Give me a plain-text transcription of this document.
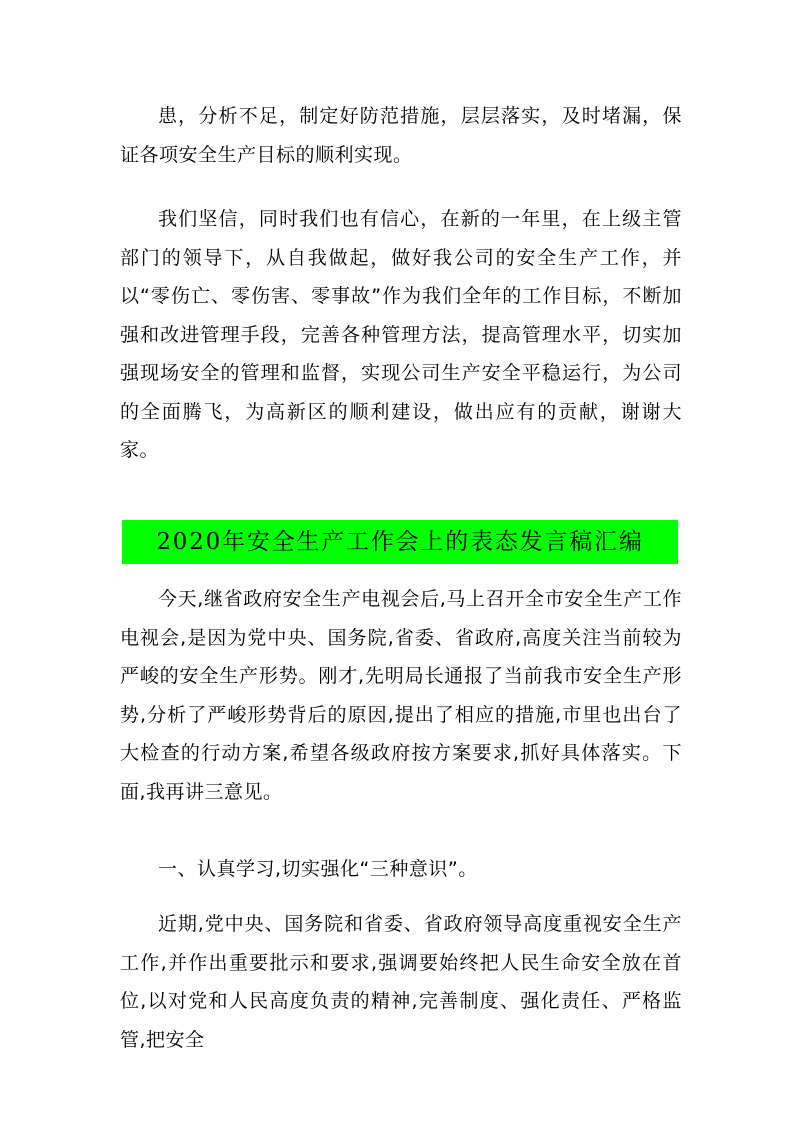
患，分析不足，制定好防范措施，层层落实，及时堵漏，保证各项安全生产目标的顺利实现。

我们坚信，同时我们也有信心，在新的一年里，在上级主管部门的领导下，从自我做起，做好我公司的安全生产工作，并以“零伤亡、零伤害、零事故”作为我们全年的工作目标，不断加强和改进管理手段，完善各种管理方法，提高管理水平，切实加强现场安全的管理和监督，实现公司生产安全平稳运行，为公司的全面腾飞，为高新区的顺利建设，做出应有的贡献，谢谢大家。

2020年安全生产工作会上的表态发言稿汇编

今天,继省政府安全生产电视会后,马上召开全市安全生产工作电视会,是因为党中央、国务院,省委、省政府,高度关注当前较为严峻的安全生产形势。刚才,先明局长通报了当前我市安全生产形势,分析了严峻形势背后的原因,提出了相应的措施,市里也出台了大检查的行动方案,希望各级政府按方案要求,抓好具体落实。下面,我再讲三意见。

一、认真学习,切实强化“三种意识”。

近期,党中央、国务院和省委、省政府领导高度重视安全生产工作,并作出重要批示和要求,强调要始终把人民生命安全放在首位,以对党和人民高度负责的精神,完善制度、强化责任、严格监管,把安全
